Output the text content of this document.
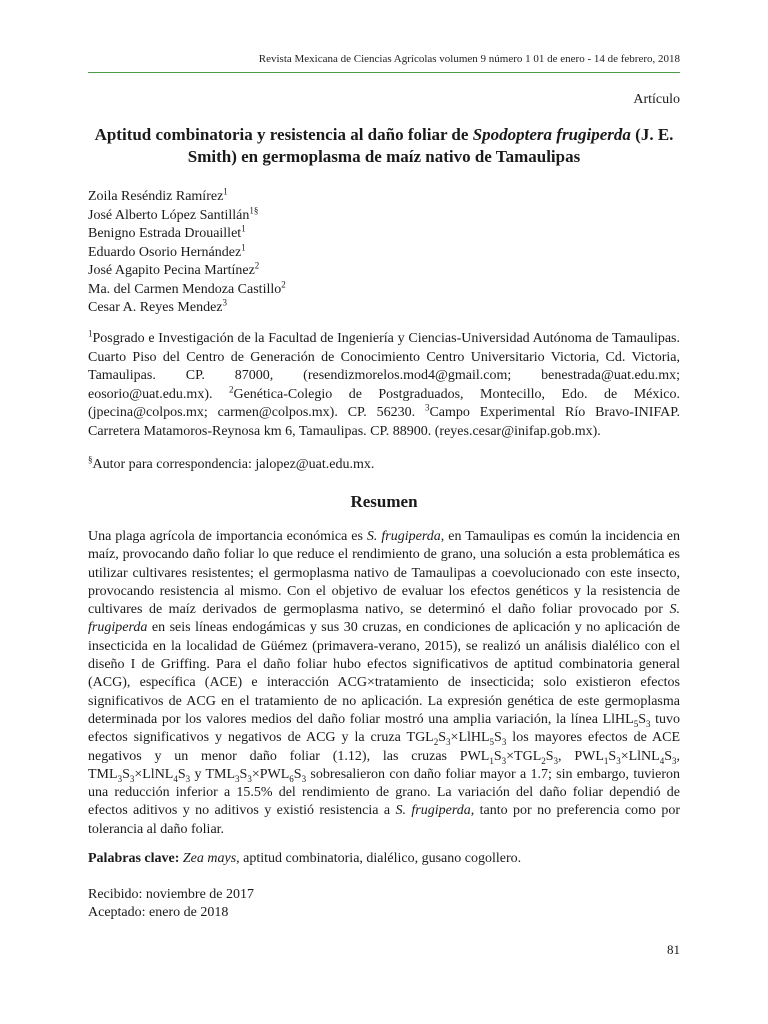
Revista Mexicana de Ciencias Agrícolas volumen 9 número 1 01 de enero - 14 de febrero, 2018
Artículo
Aptitud combinatoria y resistencia al daño foliar de Spodoptera frugiperda (J. E. Smith) en germoplasma de maíz nativo de Tamaulipas
Zoila Reséndiz Ramírez$^1$
José Alberto López Santillán$^{1\S}$
Benigno Estrada Drouaillet$^1$
Eduardo Osorio Hernández$^1$
José Agapito Pecina Martínez$^2$
Ma. del Carmen Mendoza Castillo$^2$
Cesar A. Reyes Mendez$^3$

$^1$Posgrado e Investigación de la Facultad de Ingeniería y Ciencias-Universidad Autónoma de Tamaulipas. Cuarto Piso del Centro de Generación de Conocimiento Centro Universitario Victoria, Cd. Victoria, Tamaulipas. CP. 87000, (resendizmorelos.mod4@gmail.com; benestrada@uat.edu.mx; eosorio@uat.edu.mx). $^2$Genética-Colegio de Postgraduados, Montecillo, Edo. de México. (jpecina@colpos.mx; carmen@colpos.mx). CP. 56230. $^3$Campo Experimental Río Bravo-INIFAP. Carretera Matamoros-Reynosa km 6, Tamaulipas. CP. 88900. (reyes.cesar@inifap.gob.mx).

§Autor para correspondencia: jalopez@uat.edu.mx.

Resumen

Una plaga agrícola de importancia económica es S. frugiperda, en Tamaulipas es común la incidencia en maíz, provocando daño foliar lo que reduce el rendimiento de grano, una solución a esta problemática es utilizar cultivares resistentes; el germoplasma nativo de Tamaulipas a coevolucionado con este insecto, provocando resistencia al mismo. Con el objetivo de evaluar los efectos genéticos y la resistencia de cultivares de maíz derivados de germoplasma nativo, se determinó el daño foliar provocado por S. frugiperda en seis líneas endogámicas y sus 30 cruzas, en condiciones de aplicación y no aplicación de insecticida en la localidad de Güémez (primavera-verano, 2015), se realizó un análisis dialélico con el diseño I de Griffing. Para el daño foliar hubo efectos significativos de aptitud combinatoria general (ACG), específica (ACE) e interacción ACG×tratamiento de insecticida; solo existieron efectos significativos de ACG en el tratamiento de no aplicación. La expresión genética de este germoplasma determinada por los valores medios del daño foliar mostró una amplia variación, la línea $LlHL_5S_3$ tuvo efectos significativos y negativos de ACG y la cruza $TGL_2S_3\times LlHL_5S_3$ los mayores efectos de ACE negativos y un menor daño foliar (1.12), las cruzas $PWL_1S_3\times TGL_2S_3$, $PWL_1S_3\times LlNL_4S_3$, $TML_3S_3\times LlNL_4S_3$ y $TML_3S_3\times PWL_6S_3$ sobresalieron con daño foliar mayor a 1.7; sin embargo, tuvieron una reducción inferior a 15.5% del rendimiento de grano. La variación del daño foliar dependió de efectos aditivos y no aditivos y existió resistencia a S. frugiperda, tanto por no preferencia como por tolerancia al daño foliar.

Palabras clave: Zea mays, aptitud combinatoria, dialélico, gusano cogollero.

Recibido: noviembre de 2017
Aceptado: enero de 2018
81
